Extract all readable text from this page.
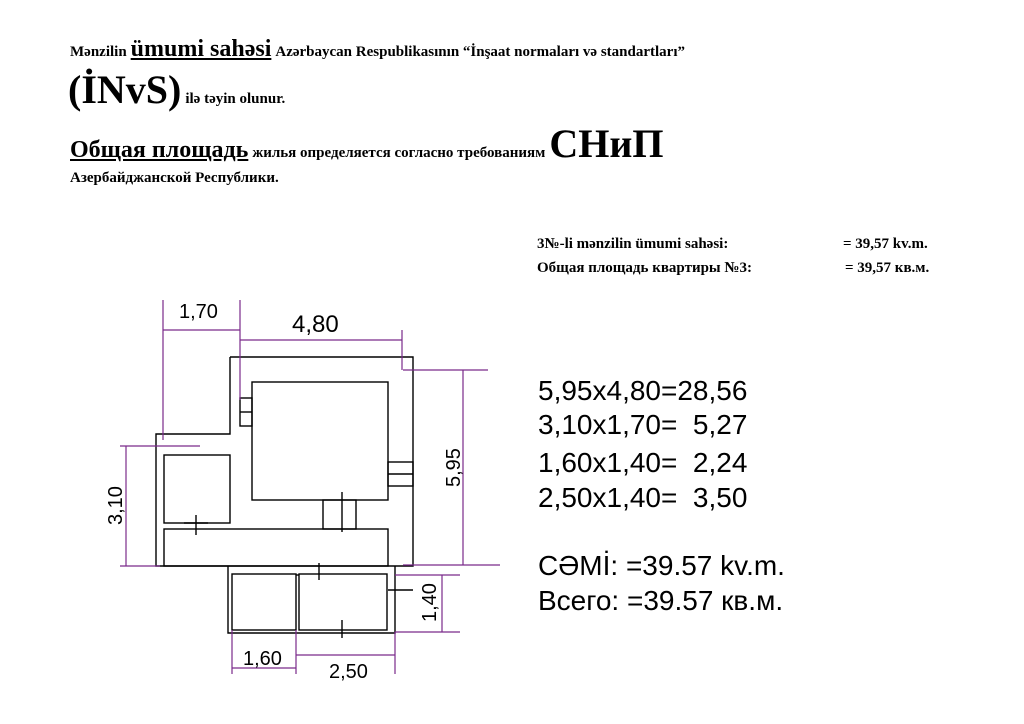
Mənzilin ümumi sahəsi Azərbaycan Respublikasının “İnşaat normaları və standartları”
(İNvS) ilə təyin olunur.
Общая площадь жилья определяется согласно требованиям СНиП
Азербайджанской Республики.
3№-li mənzilin ümumi sahəsi:	= 39,57 kv.m.
Общая площадь квартиры №3:	= 39,57 кв.м.
5,95x4,80=28,56
3,10x1,70=  5,27
1,60x1,40=  2,24
2,50x1,40=  3,50
CƏMİ: =39.57 kv.m.
Всего: =39.57 кв.м.
1,70	4,80
5,95
3,10
1,40
1,60
2,50
